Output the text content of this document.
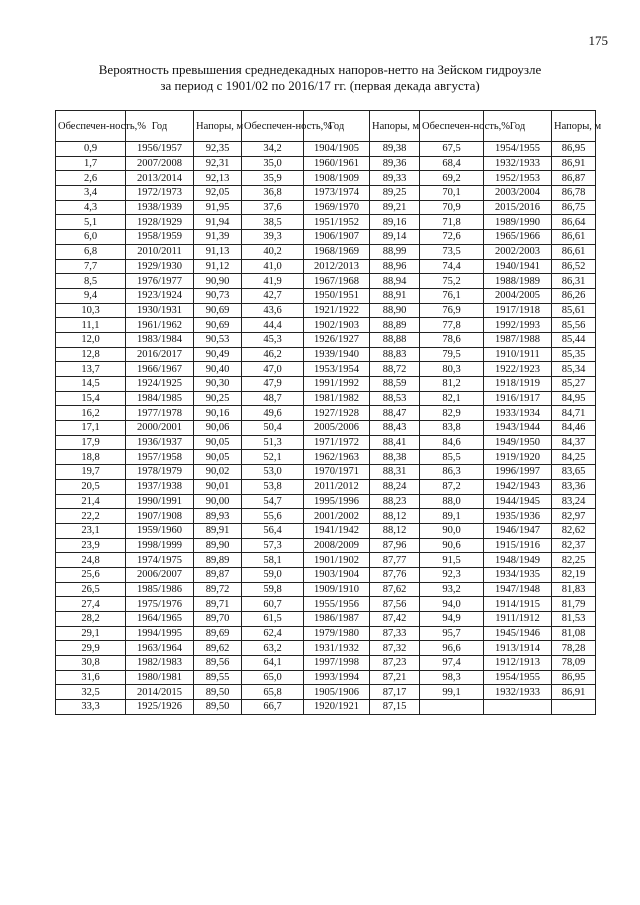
175
Вероятность превышения среднедекадных напоров-нетто на Зейском гидроузле
за период с 1901/02 по 2016/17 гг. (первая декада августа)
Обеспечен-ность,%	Год	Напоры, м	Обеспечен-ность,%	Год	Напоры, м	Обеспечен-ность,%	Год	Напоры, м
0,9	1956/1957	92,35	34,2	1904/1905	89,38	67,5	1954/1955	86,95
1,7	2007/2008	92,31	35,0	1960/1961	89,36	68,4	1932/1933	86,91
2,6	2013/2014	92,13	35,9	1908/1909	89,33	69,2	1952/1953	86,87
3,4	1972/1973	92,05	36,8	1973/1974	89,25	70,1	2003/2004	86,78
4,3	1938/1939	91,95	37,6	1969/1970	89,21	70,9	2015/2016	86,75
5,1	1928/1929	91,94	38,5	1951/1952	89,16	71,8	1989/1990	86,64
6,0	1958/1959	91,39	39,3	1906/1907	89,14	72,6	1965/1966	86,61
6,8	2010/2011	91,13	40,2	1968/1969	88,99	73,5	2002/2003	86,61
7,7	1929/1930	91,12	41,0	2012/2013	88,96	74,4	1940/1941	86,52
8,5	1976/1977	90,90	41,9	1967/1968	88,94	75,2	1988/1989	86,31
9,4	1923/1924	90,73	42,7	1950/1951	88,91	76,1	2004/2005	86,26
10,3	1930/1931	90,69	43,6	1921/1922	88,90	76,9	1917/1918	85,61
11,1	1961/1962	90,69	44,4	1902/1903	88,89	77,8	1992/1993	85,56
12,0	1983/1984	90,53	45,3	1926/1927	88,88	78,6	1987/1988	85,44
12,8	2016/2017	90,49	46,2	1939/1940	88,83	79,5	1910/1911	85,35
13,7	1966/1967	90,40	47,0	1953/1954	88,72	80,3	1922/1923	85,34
14,5	1924/1925	90,30	47,9	1991/1992	88,59	81,2	1918/1919	85,27
15,4	1984/1985	90,25	48,7	1981/1982	88,53	82,1	1916/1917	84,95
16,2	1977/1978	90,16	49,6	1927/1928	88,47	82,9	1933/1934	84,71
17,1	2000/2001	90,06	50,4	2005/2006	88,43	83,8	1943/1944	84,46
17,9	1936/1937	90,05	51,3	1971/1972	88,41	84,6	1949/1950	84,37
18,8	1957/1958	90,05	52,1	1962/1963	88,38	85,5	1919/1920	84,25
19,7	1978/1979	90,02	53,0	1970/1971	88,31	86,3	1996/1997	83,65
20,5	1937/1938	90,01	53,8	2011/2012	88,24	87,2	1942/1943	83,36
21,4	1990/1991	90,00	54,7	1995/1996	88,23	88,0	1944/1945	83,24
22,2	1907/1908	89,93	55,6	2001/2002	88,12	89,1	1935/1936	82,97
23,1	1959/1960	89,91	56,4	1941/1942	88,12	90,0	1946/1947	82,62
23,9	1998/1999	89,90	57,3	2008/2009	87,96	90,6	1915/1916	82,37
24,8	1974/1975	89,89	58,1	1901/1902	87,77	91,5	1948/1949	82,25
25,6	2006/2007	89,87	59,0	1903/1904	87,76	92,3	1934/1935	82,19
26,5	1985/1986	89,72	59,8	1909/1910	87,62	93,2	1947/1948	81,83
27,4	1975/1976	89,71	60,7	1955/1956	87,56	94,0	1914/1915	81,79
28,2	1964/1965	89,70	61,5	1986/1987	87,42	94,9	1911/1912	81,53
29,1	1994/1995	89,69	62,4	1979/1980	87,33	95,7	1945/1946	81,08
29,9	1963/1964	89,62	63,2	1931/1932	87,32	96,6	1913/1914	78,28
30,8	1982/1983	89,56	64,1	1997/1998	87,23	97,4	1912/1913	78,09
31,6	1980/1981	89,55	65,0	1993/1994	87,21	98,3	1954/1955	86,95
32,5	2014/2015	89,50	65,8	1905/1906	87,17	99,1	1932/1933	86,91
33,3	1925/1926	89,50	66,7	1920/1921	87,15			
